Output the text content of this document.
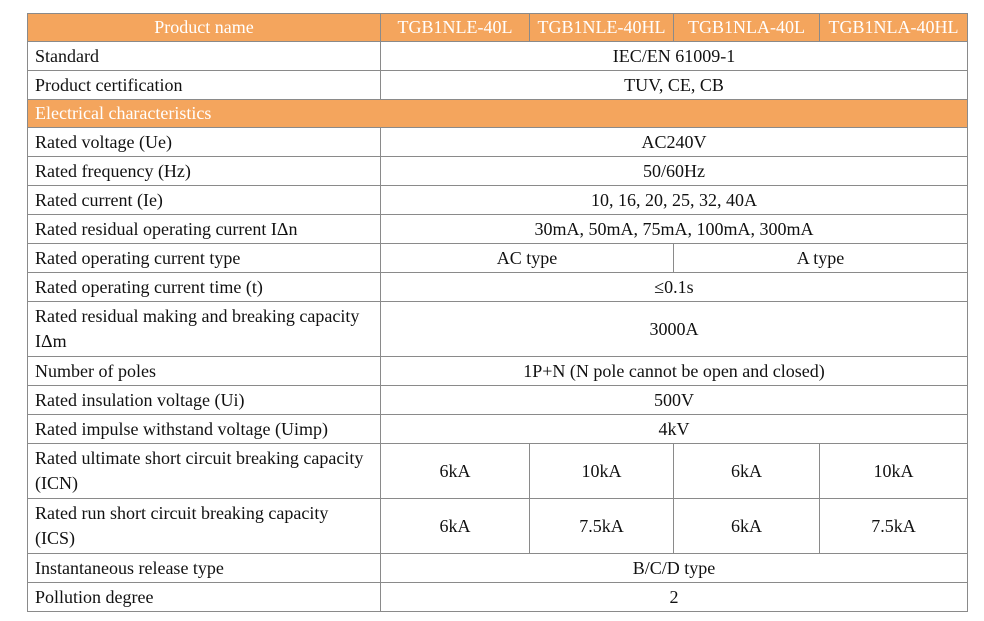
Product name	TGB1NLE-40L	TGB1NLE-40HL	TGB1NLA-40L	TGB1NLA-40HL
Standard	IEC/EN 61009-1			
Product certification	TUV, CE, CB			
Electrical characteristics				
Rated voltage (Ue)	AC240V			
Rated frequency (Hz)	50/60Hz			
Rated current (Ie)	10, 16, 20, 25, 32, 40A			
Rated residual operating current IΔn	30mA, 50mA, 75mA, 100mA, 300mA			
Rated operating current type	AC type		A type	
Rated operating current time (t)	≤0.1s			
Rated residual making and breaking capacity IΔm	3000A			
Number of poles	1P+N (N pole cannot be open and closed)			
Rated insulation voltage (Ui)	500V			
Rated impulse withstand voltage (Uimp)	4kV			
Rated ultimate short circuit breaking capacity (ICN)	6kA	10kA	6kA	10kA
Rated run short circuit breaking capacity (ICS)	6kA	7.5kA	6kA	7.5kA
Instantaneous release type	B/C/D type			
Pollution degree	2			
